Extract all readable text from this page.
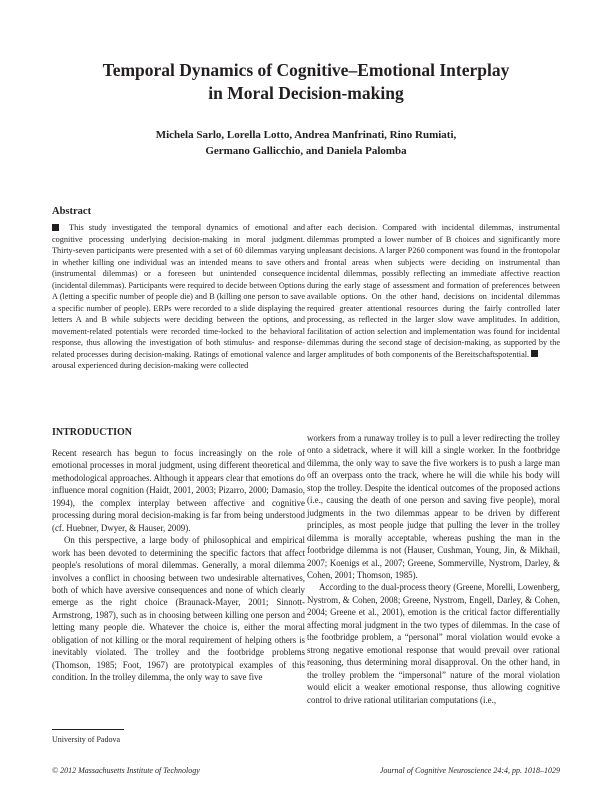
Temporal Dynamics of Cognitive–Emotional Interplay
in Moral Decision-making
Michela Sarlo, Lorella Lotto, Andrea Manfrinati, Rino Rumiati,
Germano Gallicchio, and Daniela Palomba
Abstract

This study investigated the temporal dynamics of emotional and cognitive processing underlying decision-making in moral judgment. Thirty-seven participants were presented with a set of 60 dilemmas varying in whether killing one individual was an intended means to save others (instrumental dilemmas) or a foreseen but unintended consequence (incidental dilemmas). Participants were required to decide between Options A (letting a specific number of people die) and B (killing one person to save a specific number of people). ERPs were recorded to a slide displaying the letters A and B while subjects were deciding between the options, and movement-related potentials were recorded time-locked to the behavioral response, thus allowing the investigation of both stimulus- and response-related processes during decision-making. Ratings of emotional valence and arousal experienced during decision-making were collected

after each decision. Compared with incidental dilemmas, instrumental dilemmas prompted a lower number of B choices and significantly more unpleasant decisions. A larger P260 component was found in the frontopolar and frontal areas when subjects were deciding on instrumental than incidental dilemmas, possibly reflecting an immediate affective reaction during the early stage of assessment and formation of preferences between available options. On the other hand, decisions on incidental dilemmas required greater attentional resources during the fairly controlled later processing, as reflected in the larger slow wave amplitudes. In addition, facilitation of action selection and implementation was found for incidental dilemmas during the second stage of decision-making, as supported by the larger amplitudes of both components of the Bereitschaftspotential.

INTRODUCTION

Recent research has begun to focus increasingly on the role of emotional processes in moral judgment, using different theoretical and methodological approaches. Although it appears clear that emotions do influence moral cognition (Haidt, 2001, 2003; Pizarro, 2000; Damasio, 1994), the complex interplay between affective and cognitive processing during moral decision-making is far from being understood (cf. Huebner, Dwyer, & Hauser, 2009).

On this perspective, a large body of philosophical and empirical work has been devoted to determining the specific factors that affect people's resolutions of moral dilemmas. Generally, a moral dilemma involves a conflict in choosing between two undesirable alternatives, both of which have aversive consequences and none of which clearly emerge as the right choice (Braunack-Mayer, 2001; Sinnott-Armstrong, 1987), such as in choosing between killing one person and letting many people die. Whatever the choice is, either the moral obligation of not killing or the moral requirement of helping others is inevitably violated. The trolley and the footbridge problems (Thomson, 1985; Foot, 1967) are prototypical examples of this condition. In the trolley dilemma, the only way to save five

workers from a runaway trolley is to pull a lever redirecting the trolley onto a sidetrack, where it will kill a single worker. In the footbridge dilemma, the only way to save the five workers is to push a large man off an overpass onto the track, where he will die while his body will stop the trolley. Despite the identical outcomes of the proposed actions (i.e., causing the death of one person and saving five people), moral judgments in the two dilemmas appear to be driven by different principles, as most people judge that pulling the lever in the trolley dilemma is morally acceptable, whereas pushing the man in the footbridge dilemma is not (Hauser, Cushman, Young, Jin, & Mikhail, 2007; Koenigs et al., 2007; Greene, Sommerville, Nystrom, Darley, & Cohen, 2001; Thomson, 1985).

According to the dual-process theory (Greene, Morelli, Lowenberg, Nystrom, & Cohen, 2008; Greene, Nystrom, Engell, Darley, & Cohen, 2004; Greene et al., 2001), emotion is the critical factor differentially affecting moral judgment in the two types of dilemmas. In the case of the footbridge problem, a “personal” moral violation would evoke a strong negative emotional response that would prevail over rational reasoning, thus determining moral disapproval. On the other hand, in the trolley problem the “impersonal” nature of the moral violation would elicit a weaker emotional response, thus allowing cognitive control to drive rational utilitarian computations (i.e.,

University of Padova
© 2012 Massachusetts Institute of Technology	Journal of Cognitive Neuroscience 24:4, pp. 1018–1029
